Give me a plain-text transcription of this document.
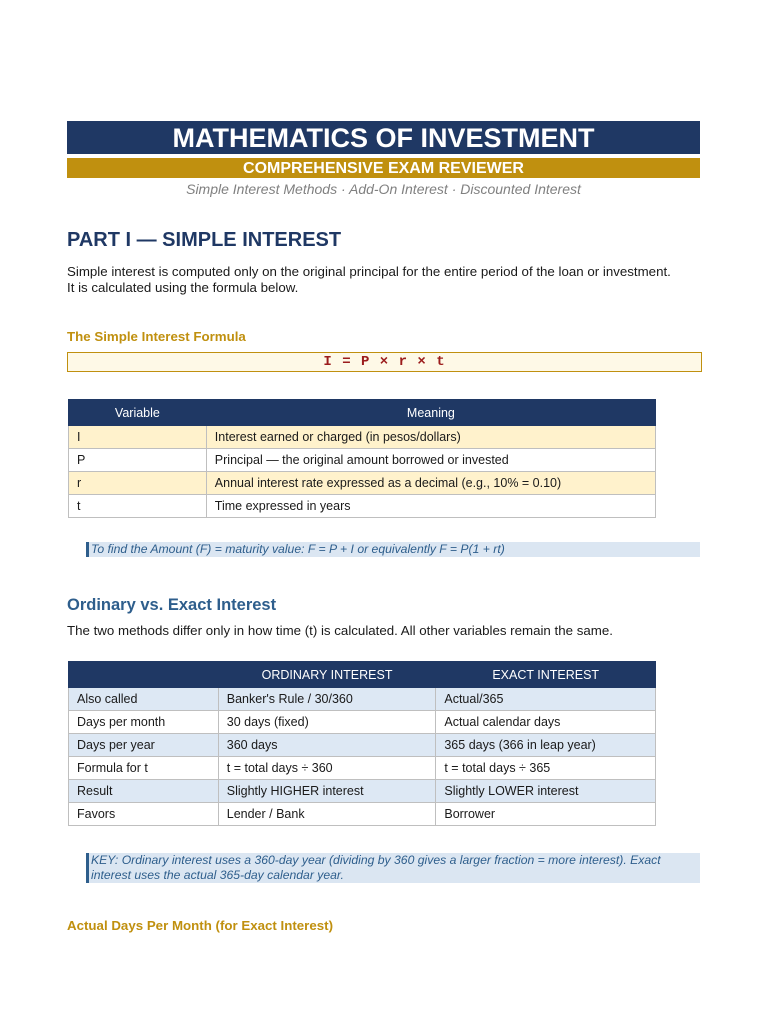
MATHEMATICS OF INVESTMENT
COMPREHENSIVE EXAM REVIEWER
Simple Interest Methods · Add-On Interest · Discounted Interest
PART I — SIMPLE INTEREST
Simple interest is computed only on the original principal for the entire period of the loan or investment.
It is calculated using the formula below.
The Simple Interest Formula
I = P × r × t
Variable	Meaning
I	Interest earned or charged (in pesos/dollars)
P	Principal — the original amount borrowed or invested
r	Annual interest rate expressed as a decimal (e.g., 10% = 0.10)
t	Time expressed in years
To find the Amount (F) = maturity value: F = P + I or equivalently F = P(1 + rt)
Ordinary vs. Exact Interest
The two methods differ only in how time (t) is calculated. All other variables remain the same.
	ORDINARY INTEREST	EXACT INTEREST
Also called	Banker's Rule / 30/360	Actual/365
Days per month	30 days (fixed)	Actual calendar days
Days per year	360 days	365 days (366 in leap year)
Formula for t	t = total days ÷ 360	t = total days ÷ 365
Result	Slightly HIGHER interest	Slightly LOWER interest
Favors	Lender / Bank	Borrower
KEY: Ordinary interest uses a 360-day year (dividing by 360 gives a larger fraction = more interest). Exact
interest uses the actual 365-day calendar year.
Actual Days Per Month (for Exact Interest)
